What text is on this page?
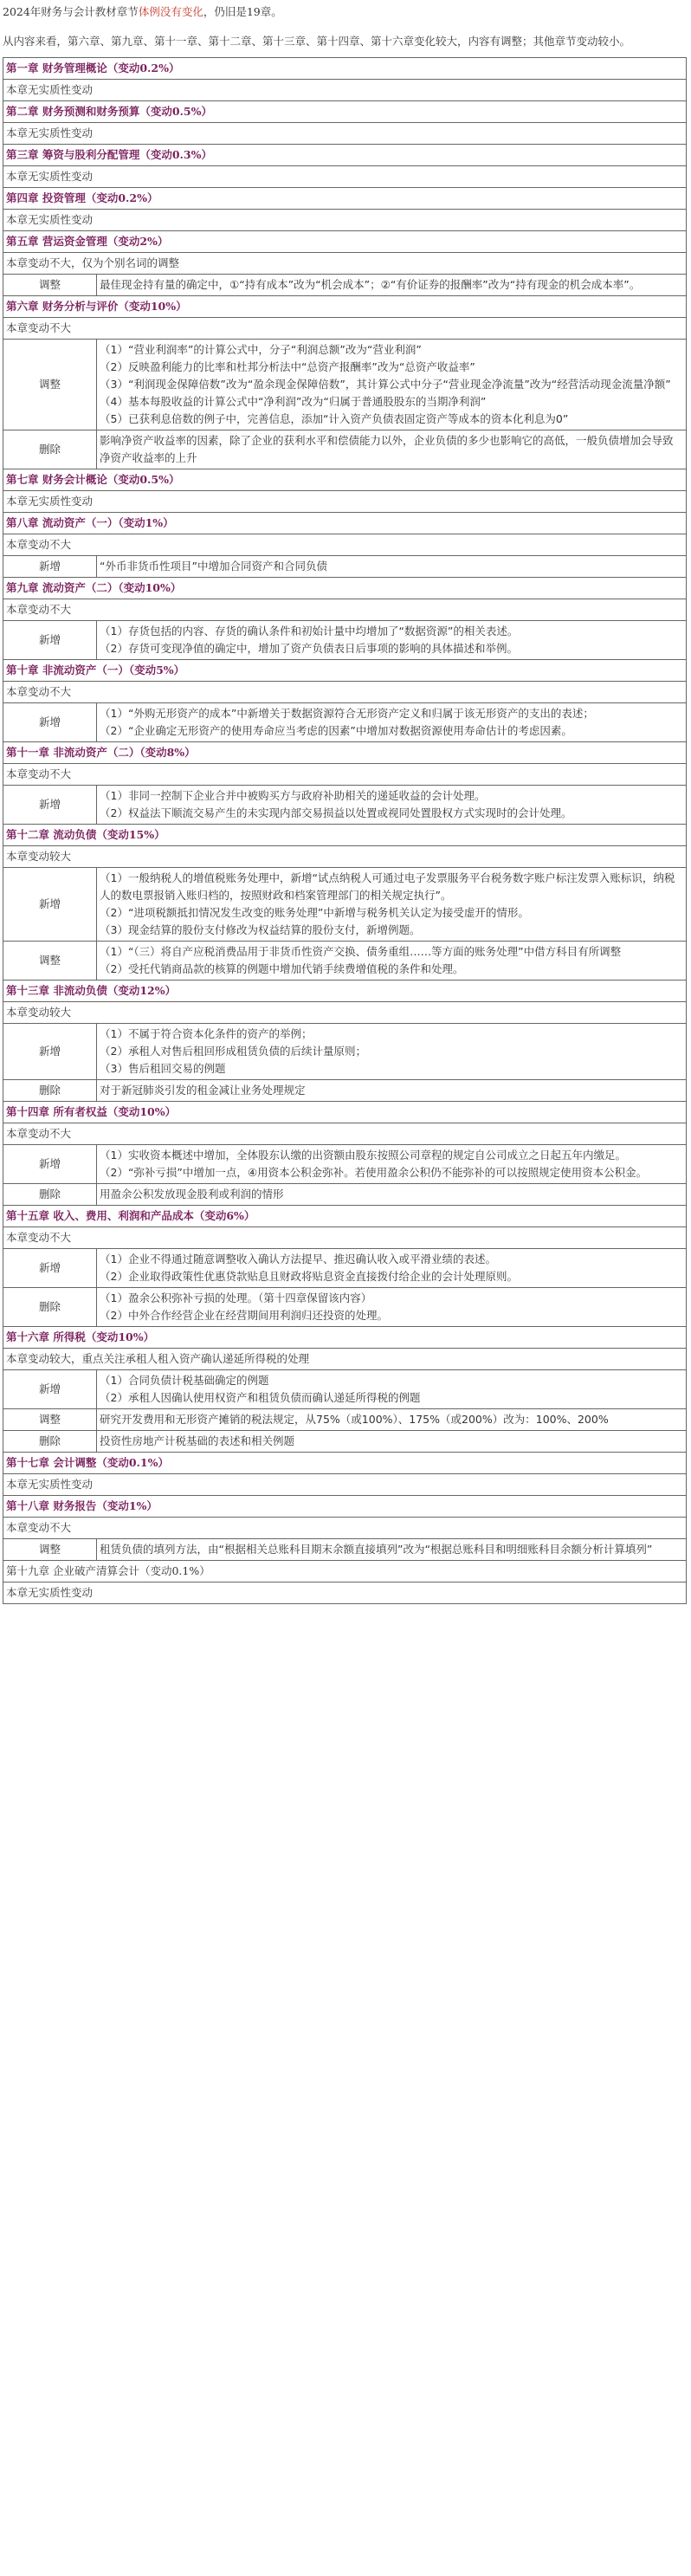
2024年财务与会计教材章节体例没有变化，仍旧是19章。

从内容来看，第六章、第九章、第十一章、第十二章、第十三章、第十四章、第十六章变化较大，内容有调整；其他章节变动较小。

第一章 财务管理概论（变动0.2%）	
本章无实质性变动	
第二章 财务预测和财务预算（变动0.5%）	
本章无实质性变动	
第三章 筹资与股利分配管理（变动0.3%）	
本章无实质性变动	
第四章 投资管理（变动0.2%）	
本章无实质性变动	
第五章 营运资金管理（变动2%）	
本章变动不大，仅为个别名词的调整	
调整	最佳现金持有量的确定中，①“持有成本”改为“机会成本”；②“有价证券的报酬率”改为“持有现金的机会成本率”。

第六章 财务分析与评价（变动10%）	
本章变动不大	
调整	（1）“营业利润率”的计算公式中，分子“利润总额”改为“营业利润”
（2）反映盈利能力的比率和杜邦分析法中“总资产报酬率”改为“总资产收益率”
（3）“利润现金保障倍数”改为“盈余现金保障倍数”，其计算公式中分子“营业现金净流量”改为“经营活动现金流量净额”
（4）基本每股收益的计算公式中“净利润”改为“归属于普通股股东的当期净利润”
（5）已获利息倍数的例子中，完善信息，添加“计入资产负债表固定资产等成本的资本化利息为0”

删除	影响净资产收益率的因素，除了企业的获利水平和偿债能力以外，企业负债的多少也影响它的高低，一般负债增加会导致净资产收益率的上升

第七章 财务会计概论（变动0.5%）	
本章无实质性变动	
第八章 流动资产（一）（变动1%）	
本章变动不大	
新增	“外币非货币性项目”中增加合同资产和合同负债

第九章 流动资产（二）（变动10%）	
本章变动不大	
新增	（1）存货包括的内容、存货的确认条件和初始计量中均增加了“数据资源”的相关表述。
（2）存货可变现净值的确定中，增加了资产负债表日后事项的影响的具体描述和举例。

第十章 非流动资产（一）（变动5%）	
本章变动不大	
新增	（1）“外购无形资产的成本”中新增关于数据资源符合无形资产定义和归属于该无形资产的支出的表述；
（2）“企业确定无形资产的使用寿命应当考虑的因素”中增加对数据资源使用寿命估计的考虑因素。

第十一章 非流动资产（二）（变动8%）	
本章变动不大	
新增	（1）非同一控制下企业合并中被购买方与政府补助相关的递延收益的会计处理。
（2）权益法下顺流交易产生的未实现内部交易损益以处置或视同处置股权方式实现时的会计处理。

第十二章 流动负债（变动15%）	
本章变动较大	
新增	（1）一般纳税人的增值税账务处理中，新增“试点纳税人可通过电子发票服务平台税务数字账户标注发票入账标识，纳税人的数电票报销入账归档的，按照财政和档案管理部门的相关规定执行”。
（2）“进项税额抵扣情况发生改变的账务处理”中新增与税务机关认定为接受虚开的情形。
（3）现金结算的股份支付修改为权益结算的股份支付，新增例题。

调整	（1）“（三）将自产应税消费品用于非货币性资产交换、债务重组……等方面的账务处理”中借方科目有所调整
（2）受托代销商品款的核算的例题中增加代销手续费增值税的条件和处理。

第十三章 非流动负债（变动12%）	
本章变动较大	
新增	（1）不属于符合资本化条件的资产的举例；
（2）承租人对售后租回形成租赁负债的后续计量原则；
（3）售后租回交易的例题

删除	对于新冠肺炎引发的租金减让业务处理规定

第十四章 所有者权益（变动10%）	
本章变动不大	
新增	（1）实收资本概述中增加，全体股东认缴的出资额由股东按照公司章程的规定自公司成立之日起五年内缴足。
（2）“弥补亏损”中增加一点，④用资本公积金弥补。若使用盈余公积仍不能弥补的可以按照规定使用资本公积金。

删除	用盈余公积发放现金股利或利润的情形

第十五章 收入、费用、利润和产品成本（变动6%）	
本章变动不大	
新增	（1）企业不得通过随意调整收入确认方法提早、推迟确认收入或平滑业绩的表述。
（2）企业取得政策性优惠贷款贴息且财政将贴息资金直接拨付给企业的会计处理原则。

删除	（1）盈余公积弥补亏损的处理。（第十四章保留该内容）
（2）中外合作经营企业在经营期间用利润归还投资的处理。

第十六章 所得税（变动10%）	
本章变动较大，重点关注承租人租入资产确认递延所得税的处理	
新增	（1）合同负债计税基础确定的例题
（2）承租人因确认使用权资产和租赁负债而确认递延所得税的例题

调整	研究开发费用和无形资产摊销的税法规定，从75%（或100%）、175%（或200%）改为：100%、200%

删除	投资性房地产计税基础的表述和相关例题

第十七章 会计调整（变动0.1%）	
本章无实质性变动	
第十八章 财务报告（变动1%）	
本章变动不大	
调整	租赁负债的填列方法，由“根据相关总账科目期末余额直接填列”改为“根据总账科目和明细账科目余额分析计算填列”

第十九章 企业破产清算会计（变动0.1%）	
本章无实质性变动	
